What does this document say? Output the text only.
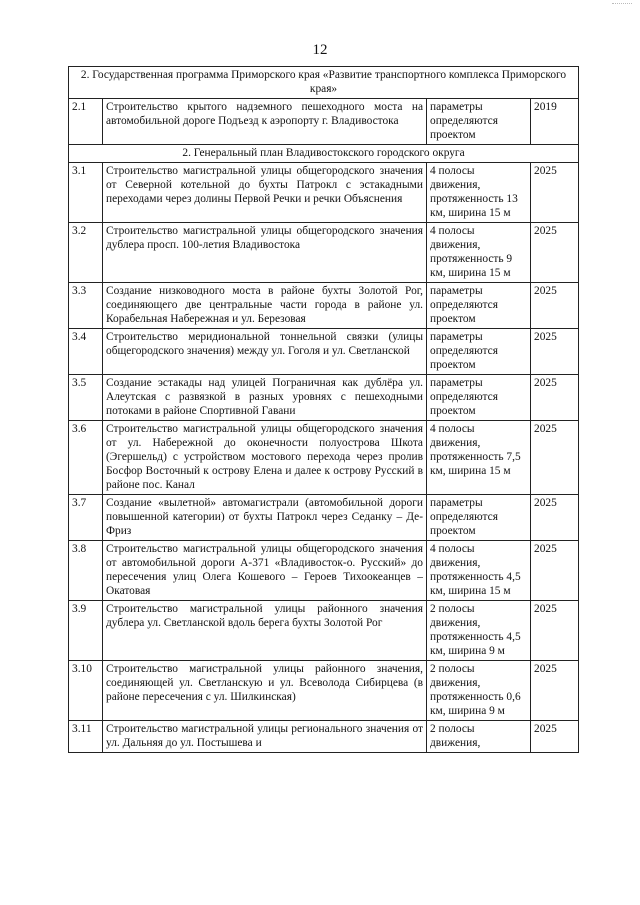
12
2. Государственная программа Приморского края «Развитие транспортного комплекса Приморского края»			
2.1	Строительство крытого надземного пешеходного моста на автомобильной дороге Подъезд к аэропорту г. Владивостока	параметры определяются проектом	2019
2. Генеральный план Владивостокского городского округа			
3.1	Строительство магистральной улицы общегородского значения от Северной котельной до бухты Патрокл с эстакадными переходами через долины Первой Речки и речки Объяснения	4 полосы движения, протяженность 13 км, ширина 15 м	2025
3.2	Строительство магистральной улицы общегородского значения дублера просп. 100-летия Владивостока	4 полосы движения, протяженность 9 км, ширина 15 м	2025
3.3	Создание низководного моста в районе бухты Золотой Рог, соединяющего две центральные части города в районе ул. Корабельная Набережная и ул. Березовая	параметры определяются проектом	2025
3.4	Строительство меридиональной тоннельной связки (улицы общегородского значения) между ул. Гоголя и ул. Светланской	параметры определяются проектом	2025
3.5	Создание эстакады над улицей Пограничная как дублёра ул. Алеутская с развязкой в разных уровнях с пешеходными потоками в районе Спортивной Гавани	параметры определяются проектом	2025
3.6	Строительство магистральной улицы общегородского значения от ул. Набережной до оконечности полуострова Шкота (Эгершельд) с устройством мостового перехода через пролив Босфор Восточный к острову Елена и далее к острову Русский в районе пос. Канал	4 полосы движения, протяженность 7,5 км, ширина 15 м	2025
3.7	Создание «вылетной» автомагистрали (автомобильной дороги повышенной категории) от бухты Патрокл через Седанку – Де-Фриз	параметры определяются проектом	2025
3.8	Строительство магистральной улицы общегородского значения от автомобильной дороги А-371 «Владивосток-о. Русский» до пересечения улиц Олега Кошевого – Героев Тихоокеанцев – Окатовая	4 полосы движения, протяженность 4,5 км, ширина 15 м	2025
3.9	Строительство магистральной улицы районного значения дублера ул. Светланской вдоль берега бухты Золотой Рог	2 полосы движения, протяженность 4,5 км, ширина 9 м	2025
3.10	Строительство магистральной улицы районного значения, соединяющей ул. Светланскую и ул. Всеволода Сибирцева (в районе пересечения с ул. Шилкинская)	2 полосы движения, протяженность 0,6 км, ширина 9 м	2025
3.11	Строительство магистральной улицы регионального значения от ул. Дальняя до ул. Постышева и	2 полосы движения,	2025
